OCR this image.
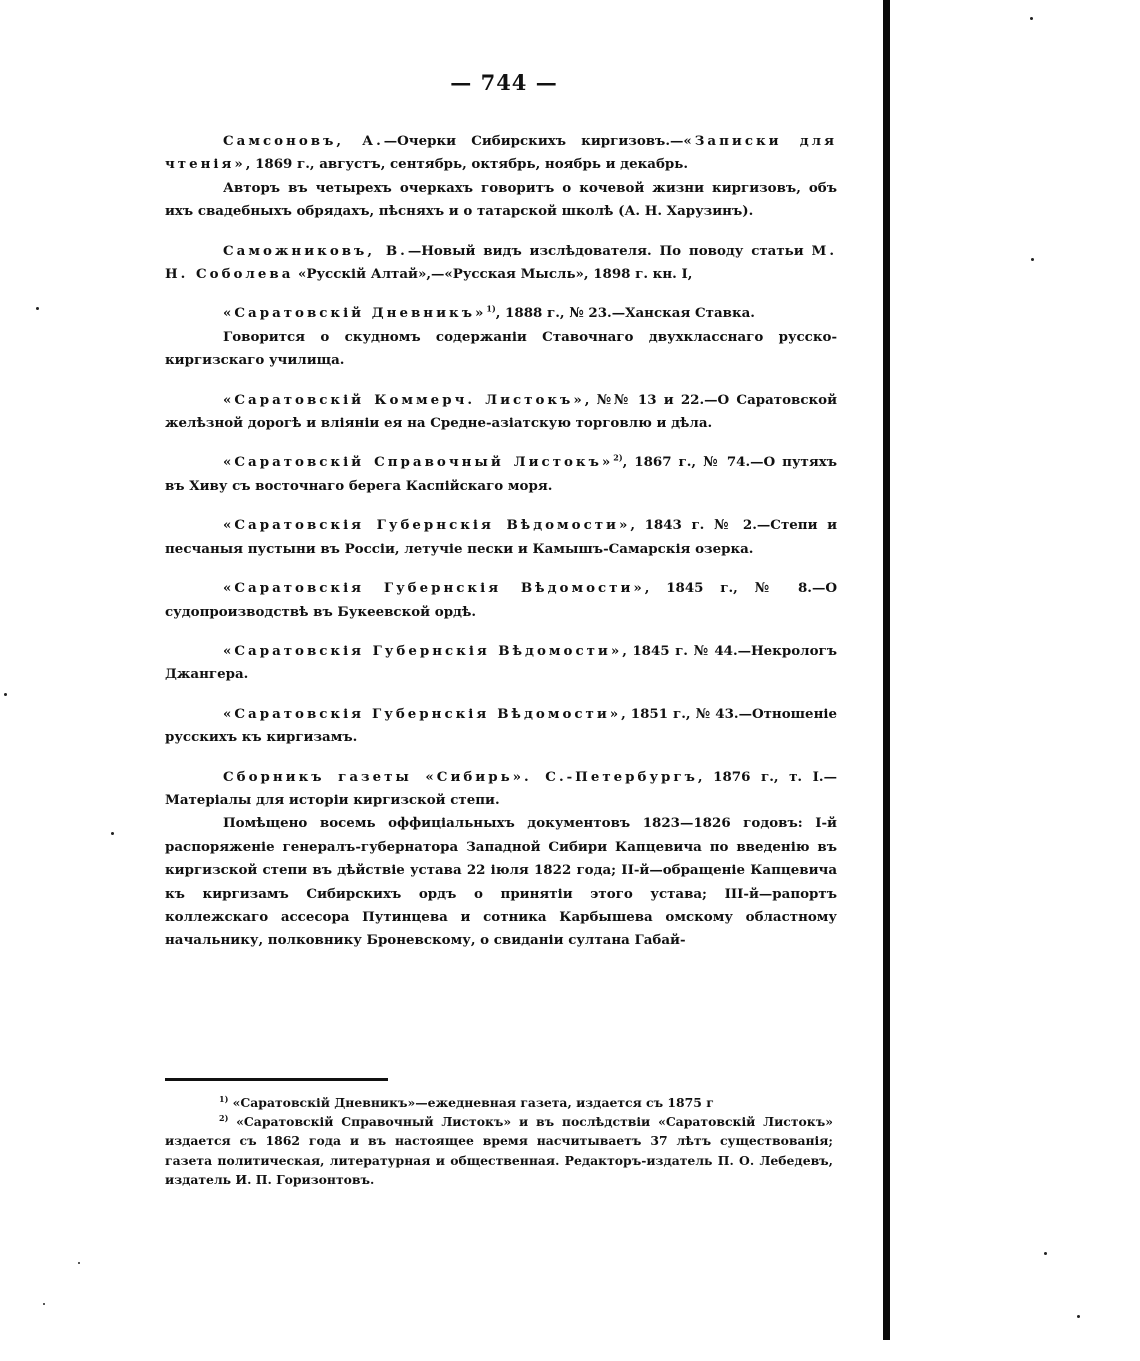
— 744 —

Самсоновъ, А.—Очерки Сибирскихъ киргизовъ.—«Записки для чтенія», 1869 г., августъ, сентябрь, октябрь, ноябрь и декабрь.

Авторъ въ четырехъ очеркахъ говоритъ о кочевой жизни киргизовъ, объ ихъ свадебныхъ обрядахъ, пѣсняхъ и о татарской школѣ (А. Н. Харузинъ).

Саможниковъ, В.—Новый видъ изслѣдователя. По поводу статьи М. Н. Соболева «Русскій Алтай»,—«Русская Мысль», 1898 г. кн. I,

«Саратовскій Дневникъ»$^{1)}$, 1888 г., № 23.—Ханская Ставка.

Говорится о скудномъ содержаніи Ставочнаго двухкласснаго русско-киргизскаго училища.

«Саратовскій Коммерч. Листокъ», №№ 13 и 22.—О Саратовской желѣзной дорогѣ и вліяніи ея на Средне-азіатскую торговлю и дѣла.

«Саратовскій Справочный Листокъ»$^{2)}$, 1867 г., № 74.—О путяхъ въ Хиву съ восточнаго берега Каспійскаго моря.

«Саратовскія Губернскія Вѣдомости», 1843 г. № 2.—Степи и песчаныя пустыни въ Россіи, летучіе пески и Камышъ-Самарскія озерка.

«Саратовскія Губернскія Вѣдомости», 1845 г., № 8.—О судопроизводствѣ въ Букеевской ордѣ.

«Саратовскія Губернскія Вѣдомости», 1845 г. № 44.—Некрологъ Джангера.

«Саратовскія Губернскія Вѣдомости», 1851 г., № 43.—Отношеніе русскихъ къ киргизамъ.

Сборникъ газеты «Сибирь». С.-Петербургъ, 1876 г., т. I.—Матеріалы для исторіи киргизской степи.

Помѣщено восемь оффиціальныхъ документовъ 1823—1826 годовъ: I-й распоряженіе генералъ-губернатора Западной Сибири Капцевича по введенію въ киргизской степи въ дѣйствіе устава 22 іюля 1822 года; II-й—обращеніе Капцевича къ киргизамъ Сибирскихъ ордъ о принятіи этого устава; III-й—рапортъ коллежскаго ассесора Путинцева и сотника Карбышева омскому областному начальнику, полковнику Броневскому, о свиданіи султана Габай-

$^{1)}$ «Саратовскій Дневникъ»—ежедневная газета, издается съ 1875 г

$^{2)}$ «Саратовскій Справочный Листокъ» и въ послѣдствіи «Саратовскій Листокъ» издается съ 1862 года и въ настоящее время насчитываетъ 37 лѣтъ существованія; газета политическая, литературная и общественная. Редакторъ-издатель П. О. Лебедевъ, издатель И. П. Горизонтовъ.
